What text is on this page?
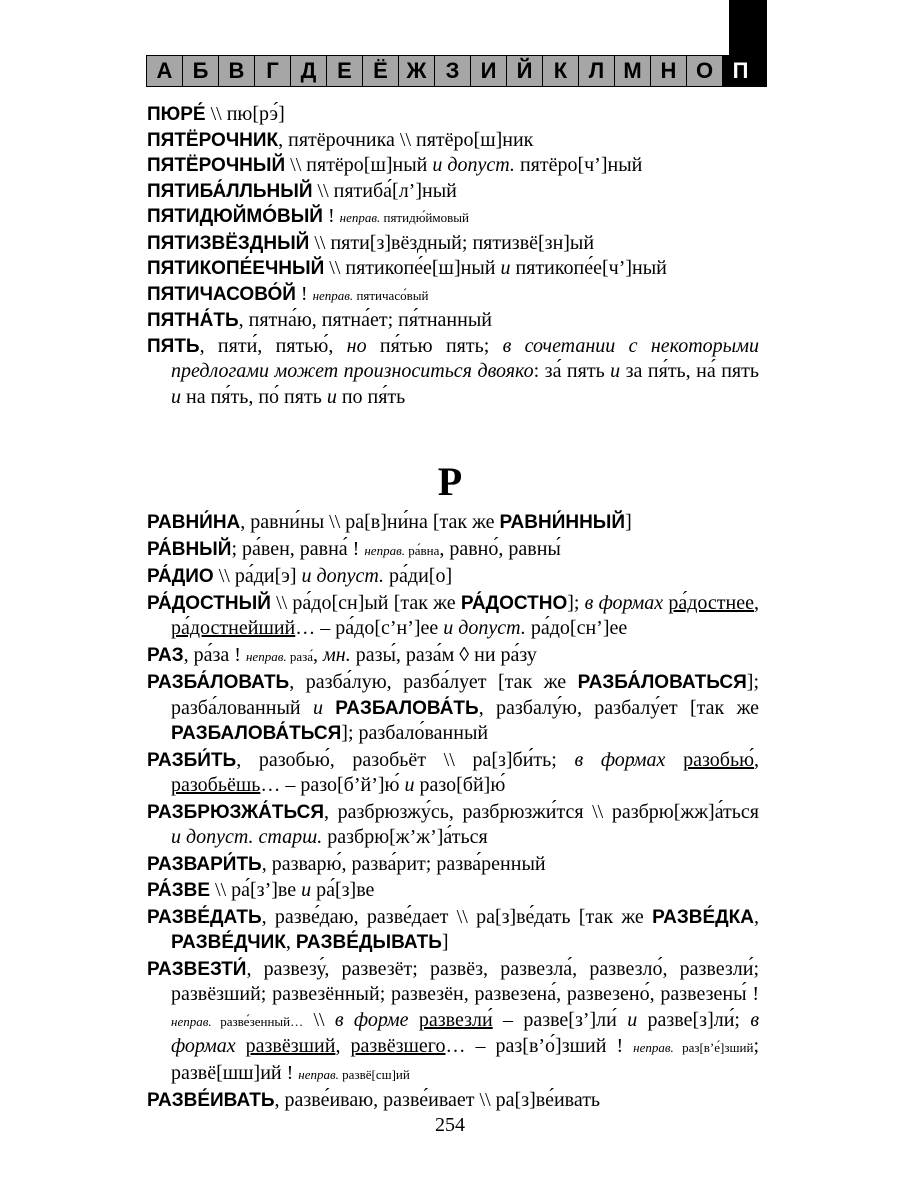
А Б В Г Д Е Ё Ж З И Й К Л М Н О П
ПЮРЕ́ \\ пю[рэ́]
ПЯТЁРОЧНИК, пятёрочника \\ пятёро[ш]ник
ПЯТЁРОЧНЫЙ \\ пятёро[ш]ный и допуст. пятёро[ч’]ный
ПЯТИБА́ЛЛЬНЫЙ \\ пятиба́[л’]ный
ПЯТИДЮЙМО́ВЫЙ ! неправ. пятидю́ймовый
ПЯТИЗВЁЗДНЫЙ \\ пяти[з]вёздный; пятизвё[зн]ый
ПЯТИКОПЕ́ЕЧНЫЙ \\ пятикопе́е[ш]ный и пятикопе́е[ч’]ный
ПЯТИЧАСОВО́Й ! неправ. пятичасо́вый
ПЯТНА́ТЬ, пятна́ю, пятна́ет; пя́тнанный
ПЯТЬ, пяти́, пятью́, но пя́тью пять; в сочетании с некоторыми предлогами может произноситься двояко: за́ пять и за пя́ть, на́ пять и на пя́ть, по́ пять и по пя́ть
Р
РАВНИ́НА, равни́ны \\ ра[в]ни́на [так же РАВНИ́ННЫЙ]
РА́ВНЫЙ; ра́вен, равна́ ! неправ. ра́вна, равно́, равны́
РА́ДИО \\ ра́ди[э] и допуст. ра́ди[о]
РА́ДОСТНЫЙ \\ ра́до[сн]ый [так же РА́ДОСТНО]; в формах ра́достнее, ра́достнейший… – ра́до[с’н’]ее и допуст. ра́до[сн’]ее
РАЗ, ра́за ! неправ. раза́, мн. разы́, раза́м ◊ ни ра́зу
РАЗБА́ЛОВАТЬ, разба́лую, разба́лует [так же РАЗБА́ЛОВАТЬСЯ]; разба́лованный и РАЗБАЛОВА́ТЬ, разбалу́ю, разбалу́ет [так же РАЗБАЛОВА́ТЬСЯ]; разбало́ванный
РАЗБИ́ТЬ, разобью́, разобьёт \\ ра[з]би́ть; в формах разобью́, разобьёшь… – разо[б’й’]ю́ и разо[бй]ю́
РАЗБРЮЗЖА́ТЬСЯ, разбрюзжу́сь, разбрюзжи́тся \\ разбрю[жж]а́ться и допуст. старш. разбрю[ж’ж’]а́ться
РАЗВАРИ́ТЬ, разварю́, разва́рит; разва́ренный
РА́ЗВЕ \\ ра́[з’]ве и ра́[з]ве
РАЗВЕ́ДАТЬ, разве́даю, разве́дает \\ ра[з]ве́дать [так же РАЗВЕ́ДКА, РАЗВЕ́ДЧИК, РАЗВЕ́ДЫВАТЬ]
РАЗВЕЗТИ́, развезу́, развезёт; развёз, развезла́, развезло́, развезли́; развёзший; развезённый; развезён, развезена́, развезено́, развезены́ ! неправ. разве́зенный… \\ в форме развезли́ – разве[з’]ли́ и разве[з]ли́; в формах развёзший, развёзшего… – раз[в’о́]зший ! неправ. раз[в’е́]зший; развё[шш]ий ! неправ. развё[сш]ий
РАЗВЕ́ИВАТЬ, разве́иваю, разве́ивает \\ ра[з]ве́ивать
254
